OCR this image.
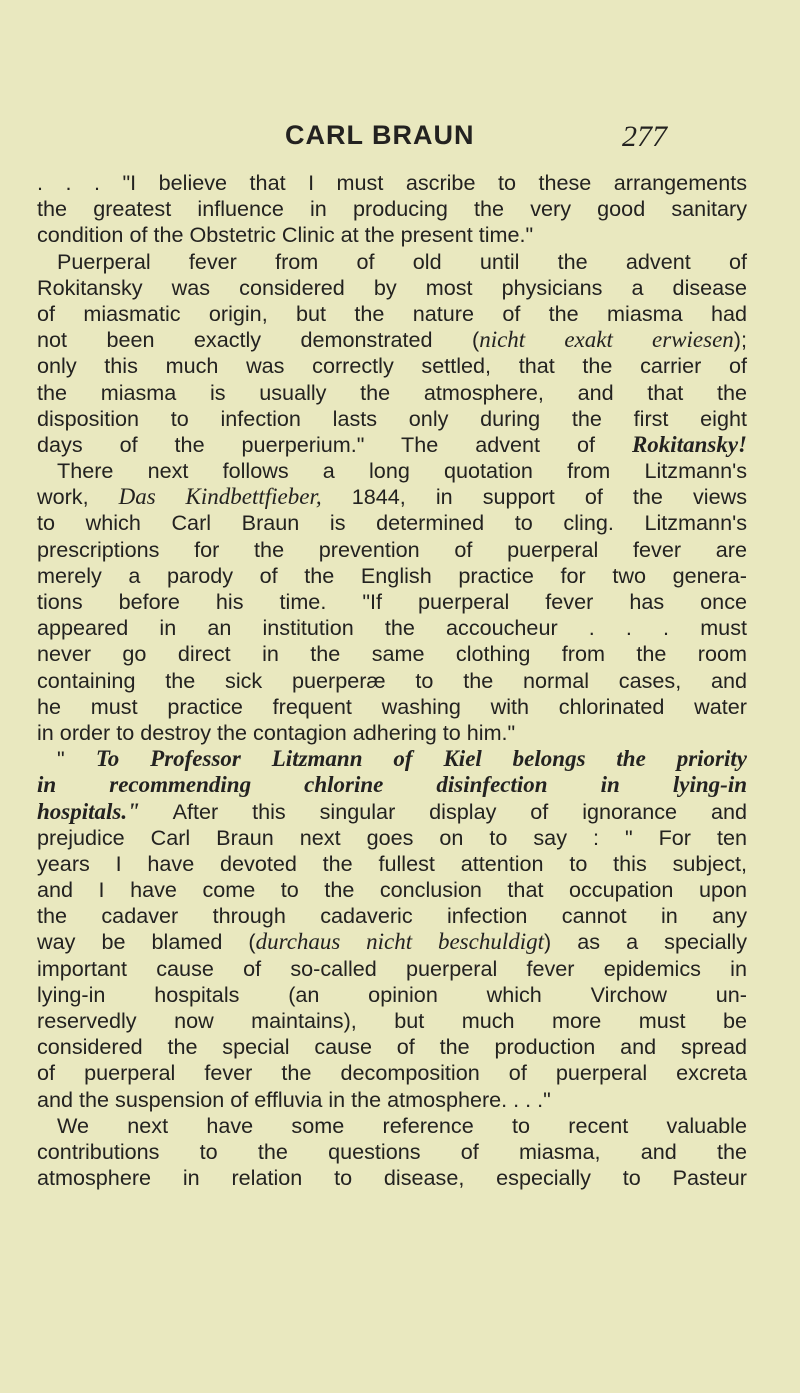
CARL BRAUN	277
. . . "I believe that I must ascribe to these arrangements
the greatest influence in producing the very good sanitary
condition of the Obstetric Clinic at the present time."
Puerperal fever from of old until the advent of
Rokitansky was considered by most physicians a disease
of miasmatic origin, but the nature of the miasma had
not been exactly demonstrated (nicht exakt erwiesen);
only this much was correctly settled, that the carrier of
the miasma is usually the atmosphere, and that the
disposition to infection lasts only during the first eight
days of the puerperium." The advent of Rokitansky!
There next follows a long quotation from Litzmann's
work, Das Kindbettfieber, 1844, in support of the views
to which Carl Braun is determined to cling. Litzmann's
prescriptions for the prevention of puerperal fever are
merely a parody of the English practice for two genera-
tions before his time. "If puerperal fever has once
appeared in an institution the accoucheur . . . must
never go direct in the same clothing from the room
containing the sick puerperæ to the normal cases, and
he must practice frequent washing with chlorinated water
in order to destroy the contagion adhering to him."
" To Professor Litzmann of Kiel belongs the priority
in recommending chlorine disinfection in lying-in
hospitals." After this singular display of ignorance and
prejudice Carl Braun next goes on to say : " For ten
years I have devoted the fullest attention to this subject,
and I have come to the conclusion that occupation upon
the cadaver through cadaveric infection cannot in any
way be blamed (durchaus nicht beschuldigt) as a specially
important cause of so-called puerperal fever epidemics in
lying-in hospitals (an opinion which Virchow un-
reservedly now maintains), but much more must be
considered the special cause of the production and spread
of puerperal fever the decomposition of puerperal excreta
and the suspension of effluvia in the atmosphere. . . ."
We next have some reference to recent valuable
contributions to the questions of miasma, and the
atmosphere in relation to disease, especially to Pasteur
